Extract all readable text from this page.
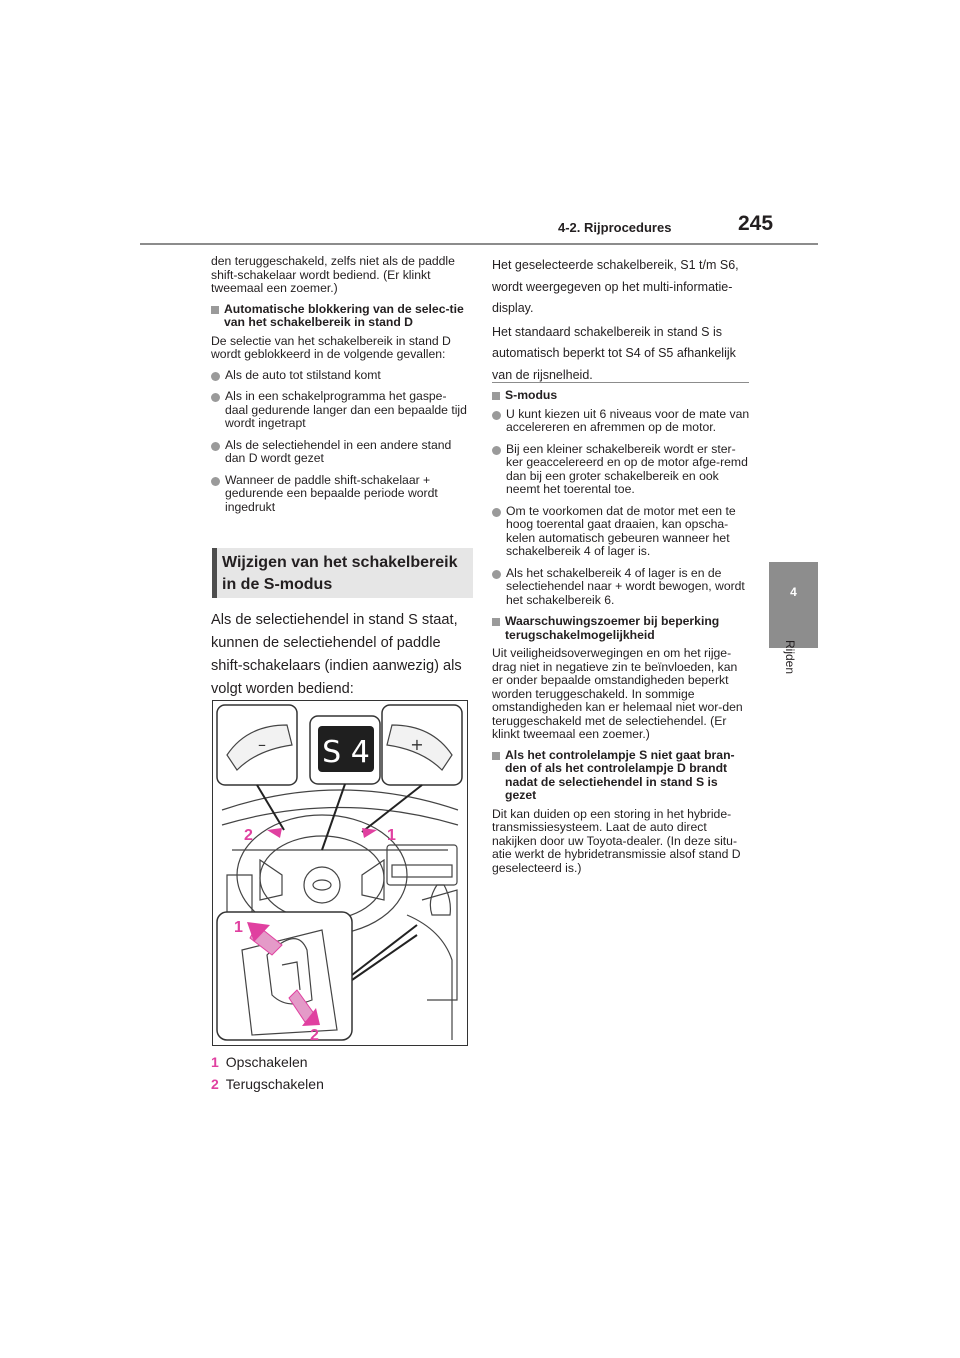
4-2. Rijprocedures	245
4
Rijden

den teruggeschakeld, zelfs niet als de paddle shift-schakelaar wordt bediend. (Er klinkt tweemaal een zoemer.)

Automatische blokkering van de selec-tie van het schakelbereik in stand D

De selectie van het schakelbereik in stand D wordt geblokkeerd in de volgende gevallen:

Als de auto tot stilstand komt
Als in een schakelprogramma het gaspe-daal gedurende langer dan een bepaalde tijd wordt ingetrapt
Als de selectiehendel in een andere stand dan D wordt gezet
Wanneer de paddle shift-schakelaar + gedurende een bepaalde periode wordt ingedrukt
Wijzigen van het schakelbereik
in de S-modus
Als de selectiehendel in stand S staat, kunnen de selectiehendel of paddle shift-schakelaars (indien aanwezig) als volgt worden bediend:
S 4
–	+
2	1
1
2
1 Opschakelen
2 Terugschakelen

Het geselecteerde schakelbereik, S1 t/m S6, wordt weergegeven op het multi-informatie-display.

Het standaard schakelbereik in stand S is automatisch beperkt tot S4 of S5 afhankelijk van de rijsnelheid.

S-modus
U kunt kiezen uit 6 niveaus voor de mate van accelereren en afremmen op de motor.
Bij een kleiner schakelbereik wordt er ster-ker geaccelereerd en op de motor afge-remd dan bij een groter schakelbereik en ook neemt het toerental toe.
Om te voorkomen dat de motor met een te hoog toerental gaat draaien, kan opscha-kelen automatisch gebeuren wanneer het schakelbereik 4 of lager is.
Als het schakelbereik 4 of lager is en de selectiehendel naar + wordt bewogen, wordt het schakelbereik 6.
Waarschuwingszoemer bij beperking terugschakelmogelijkheid

Uit veiligheidsoverwegingen en om het rijge-drag niet in negatieve zin te beïnvloeden, kan er onder bepaalde omstandigheden beperkt worden teruggeschakeld. In sommige omstandigheden kan er helemaal niet wor-den teruggeschakeld met de selectiehendel. (Er klinkt tweemaal een zoemer.)

Als het controlelampje S niet gaat bran-den of als het controlelampje D brandt nadat de selectiehendel in stand S is gezet

Dit kan duiden op een storing in het hybride-transmissiesysteem. Laat de auto direct nakijken door uw Toyota-dealer. (In deze situ-atie werkt de hybridetransmissie alsof stand D geselecteerd is.)
